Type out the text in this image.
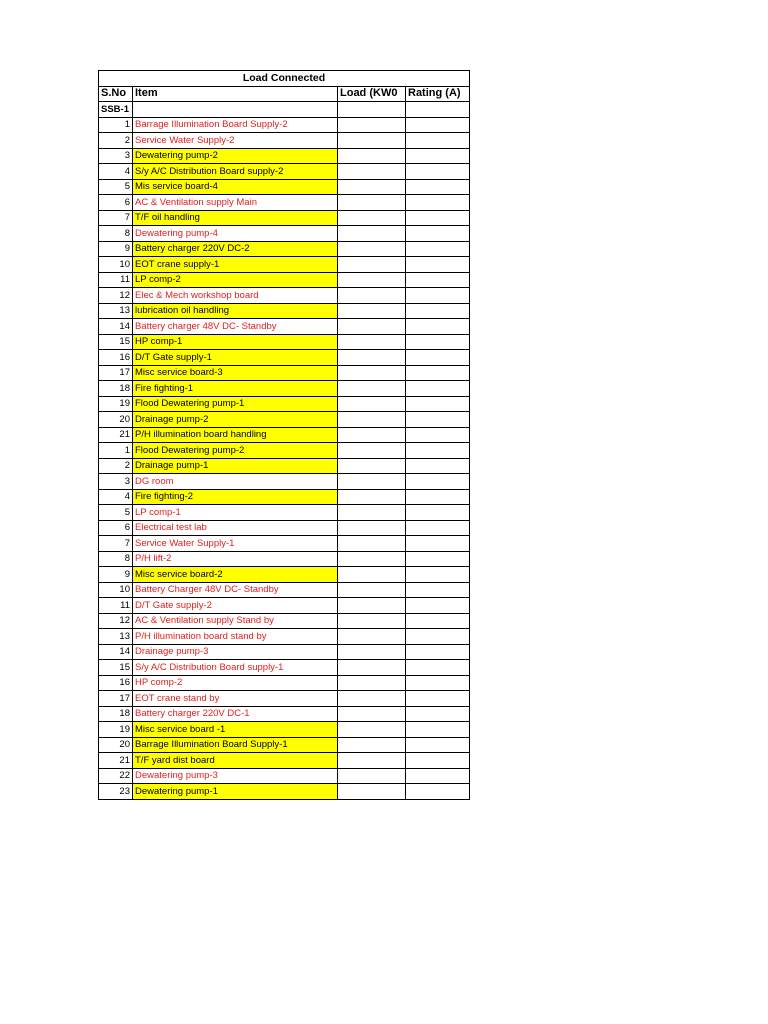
Load Connected			
S.No	Item	Load (KW0	Rating (A)
SSB-1			
1	Barrage Illumination Board Supply-2		
2	Service Water Supply-2		
3	Dewatering pump-2		
4	S/y A/C Distribution Board supply-2		
5	Mis service board-4		
6	AC & Ventilation supply Main		
7	T/F oil handling		
8	Dewatering pump-4		
9	Battery charger 220V DC-2		
10	EOT crane supply-1		
11	LP comp-2		
12	Elec & Mech workshop board		
13	lubrication oil handling		
14	Battery charger 48V DC- Standby		
15	HP comp-1		
16	D/T Gate supply-1		
17	Misc service board-3		
18	Fire fighting-1		
19	Flood Dewatering pump-1		
20	Drainage pump-2		
21	P/H illumination board handling		
1	Flood Dewatering pump-2		
2	Drainage pump-1		
3	DG room		
4	Fire fighting-2		
5	LP comp-1		
6	Electrical test lab		
7	Service Water Supply-1		
8	P/H lift-2		
9	Misc service board-2		
10	Battery Charger 48V DC- Standby		
11	D/T Gate supply-2		
12	AC & Ventilation supply Stand by		
13	P/H illumination board stand by		
14	Drainage pump-3		
15	S/y A/C Distribution Board supply-1		
16	HP comp-2		
17	EOT crane stand by		
18	Battery charger 220V DC-1		
19	Misc service board -1		
20	Barrage Illumination Board Supply-1		
21	T/F yard dist board		
22	Dewatering pump-3		
23	Dewatering pump-1		
